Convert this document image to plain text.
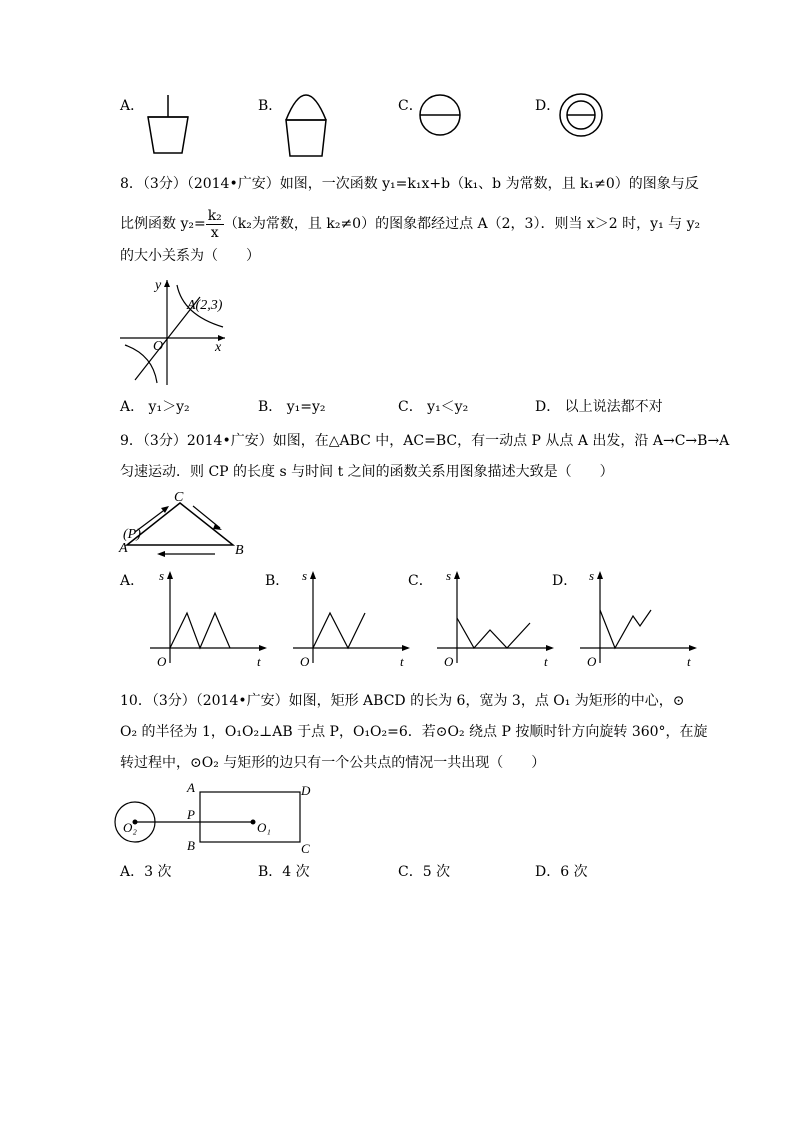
A．	B．	C．	D．
8．（3分）（2014•广安）如图，一次函数 y₁=k₁x+b（k₁、b 为常数，且 k₁≠0）的图象与反
比例函数 $y_2= \frac{\text{k₂}}{x} (k_2$为常数，且 k₂≠0）的图象都经过点 A（2，3）．则当 x＞2 时，y₁ 与 y₂
的大小关系为（　　）
y
x
O
A(2,3)
A． y₁＞y₂	B． y₁=y₂	C． y₁＜y₂	D． 以上说法都不对
9．（3分）2014•广安）如图，在△ABC 中，AC=BC，有一动点 P 从点 A 出发，沿 A→C→B→A
匀速运动．则 CP 的长度 s 与时间 t 之间的函数关系用图象描述大致是（　　）
(P)
A	B
C
A．	B．	C．	D．
s
t
O
s
t
O
s
t
O
s
t
O
10．（3分）（2014•广安）如图，矩形 ABCD 的长为 6，宽为 3，点 O₁ 为矩形的中心，⊙
O₂ 的半径为 1，O₁O₂⊥AB 于点 P，O₁O₂=6．若⊙O₂ 绕点 P 按顺时针方向旋转 360°，在旋
转过程中，⊙O₂ 与矩形的边只有一个公共点的情况一共出现（　　）
O₂
A
B	C
D
P
O₁
A．3 次	B．4 次	C．5 次	D．6 次
